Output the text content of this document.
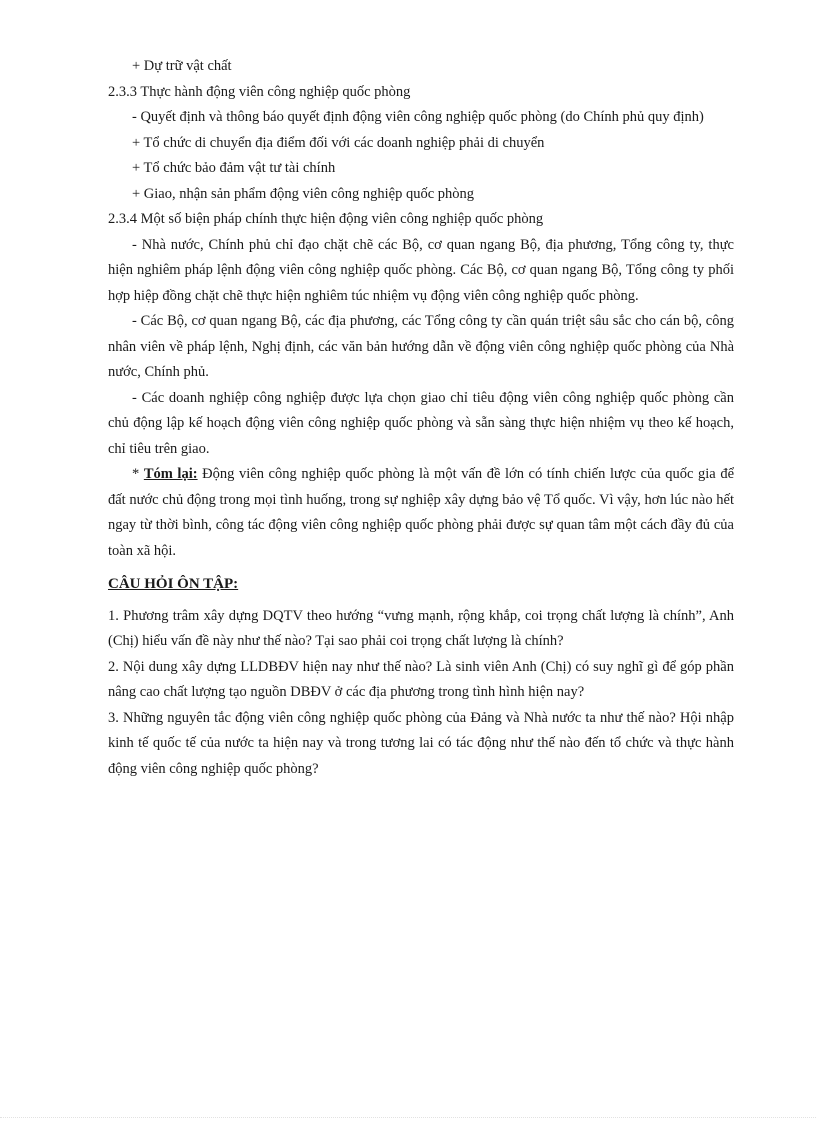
+ Dự trữ vật chất
2.3.3 Thực hành động viên công nghiệp quốc phòng
- Quyết định và thông báo quyết định động viên công nghiệp quốc phòng (do Chính phủ quy định)
+ Tổ chức di chuyển địa điểm đối với các doanh nghiệp phải di chuyển
+ Tổ chức bảo đảm vật tư tài chính
+ Giao, nhận sản phẩm động viên công nghiệp quốc phòng
2.3.4 Một số biện pháp chính thực hiện động viên công nghiệp quốc phòng
- Nhà nước, Chính phủ chỉ đạo chặt chẽ các Bộ, cơ quan ngang Bộ, địa phương, Tổng công ty, thực hiện nghiêm pháp lệnh động viên công nghiệp quốc phòng. Các Bộ, cơ quan ngang Bộ, Tổng công ty phối hợp hiệp đồng chặt chẽ thực hiện nghiêm túc nhiệm vụ động viên công nghiệp quốc phòng.
- Các Bộ, cơ quan ngang Bộ, các địa phương, các Tổng công ty cần quán triệt sâu sắc cho cán bộ, công nhân viên về pháp lệnh, Nghị định, các văn bản hướng dẫn về động viên công nghiệp quốc phòng của Nhà nước, Chính phủ.
- Các doanh nghiệp công nghiệp được lựa chọn giao chỉ tiêu động viên công nghiệp quốc phòng cần chủ động lập kế hoạch động viên công nghiệp quốc phòng và sẵn sàng thực hiện nhiệm vụ theo kế hoạch, chỉ tiêu trên giao.
* Tóm lại: Động viên công nghiệp quốc phòng là một vấn đề lớn có tính chiến lược của quốc gia để đất nước chủ động trong mọi tình huống, trong sự nghiệp xây dựng bảo vệ Tổ quốc. Vì vậy, hơn lúc nào hết ngay từ thời bình, công tác động viên công nghiệp quốc phòng phải được sự quan tâm một cách đầy đủ của toàn xã hội.
CÂU HỎI ÔN TẬP:
1. Phương trâm xây dựng DQTV theo hướng “vưng mạnh, rộng khắp, coi trọng chất lượng là chính”, Anh (Chị) hiểu vấn đề này như thế nào? Tại sao phải coi trọng chất lượng là chính?
2. Nội dung xây dựng LLDBĐV hiện nay như thế nào? Là sinh viên Anh (Chị) có suy nghĩ gì để góp phần nâng cao chất lượng tạo nguồn DBĐV ở các địa phương trong tình hình hiện nay?
3. Những nguyên tắc động viên công nghiệp quốc phòng của Đảng và Nhà nước ta như thế nào? Hội nhập kinh tế quốc tế của nước ta hiện nay và trong tương lai có tác động như thế nào đến tổ chức và thực hành động viên công nghiệp quốc phòng?
